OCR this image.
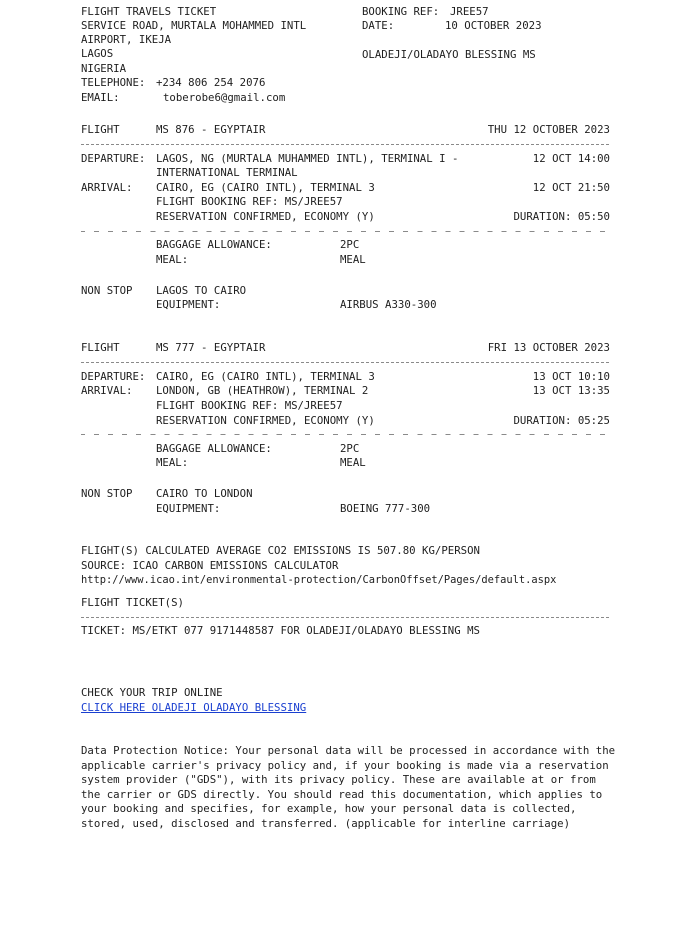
FLIGHT TRAVELS TICKET
SERVICE ROAD, MURTALA MOHAMMED INTL
AIRPORT, IKEJA
LAGOS
NIGERIA
TELEPHONE: +234 806 254 2076
EMAIL:	toberobe6@gmail.com
BOOKING REF: JREE57
DATE:	10 OCTOBER 2023
OLADEJI/OLADAYO BLESSING MS
FLIGHT	MS 876 - EGYPTAIR	THU 12 OCTOBER 2023
DEPARTURE: LAGOS, NG (MURTALA MUHAMMED INTL), TERMINAL I -	12 OCT 14:00
INTERNATIONAL TERMINAL
ARRIVAL: CAIRO, EG (CAIRO INTL), TERMINAL 3	12 OCT 21:50
FLIGHT BOOKING REF: MS/JREE57
RESERVATION CONFIRMED, ECONOMY (Y)	DURATION: 05:50
BAGGAGE ALLOWANCE:	2PC
MEAL:	MEAL
NON STOP LAGOS TO CAIRO
EQUIPMENT:	AIRBUS A330-300
FLIGHT	MS 777 - EGYPTAIR	FRI 13 OCTOBER 2023
DEPARTURE: CAIRO, EG (CAIRO INTL), TERMINAL 3	13 OCT 10:10
ARRIVAL: LONDON, GB (HEATHROW), TERMINAL 2	13 OCT 13:35
FLIGHT BOOKING REF: MS/JREE57
RESERVATION CONFIRMED, ECONOMY (Y)	DURATION: 05:25
BAGGAGE ALLOWANCE:	2PC
MEAL:	MEAL
NON STOP CAIRO TO LONDON
EQUIPMENT:	BOEING 777-300
FLIGHT(S) CALCULATED AVERAGE CO2 EMISSIONS IS 507.80 KG/PERSON
SOURCE: ICAO CARBON EMISSIONS CALCULATOR
http://www.icao.int/environmental-protection/CarbonOffset/Pages/default.aspx
FLIGHT TICKET(S)
TICKET: MS/ETKT 077 9171448587 FOR OLADEJI/OLADAYO BLESSING MS
CHECK YOUR TRIP ONLINE
CLICK HERE OLADEJI OLADAYO BLESSING
Data Protection Notice: Your personal data will be processed in accordance with the applicable carrier's privacy policy and, if your booking is made via a reservation system provider ("GDS"), with its privacy policy. These are available at or from the carrier or GDS directly. You should read this documentation, which applies to your booking and specifies, for example, how your personal data is collected, stored, used, disclosed and transferred. (applicable for interline carriage)
